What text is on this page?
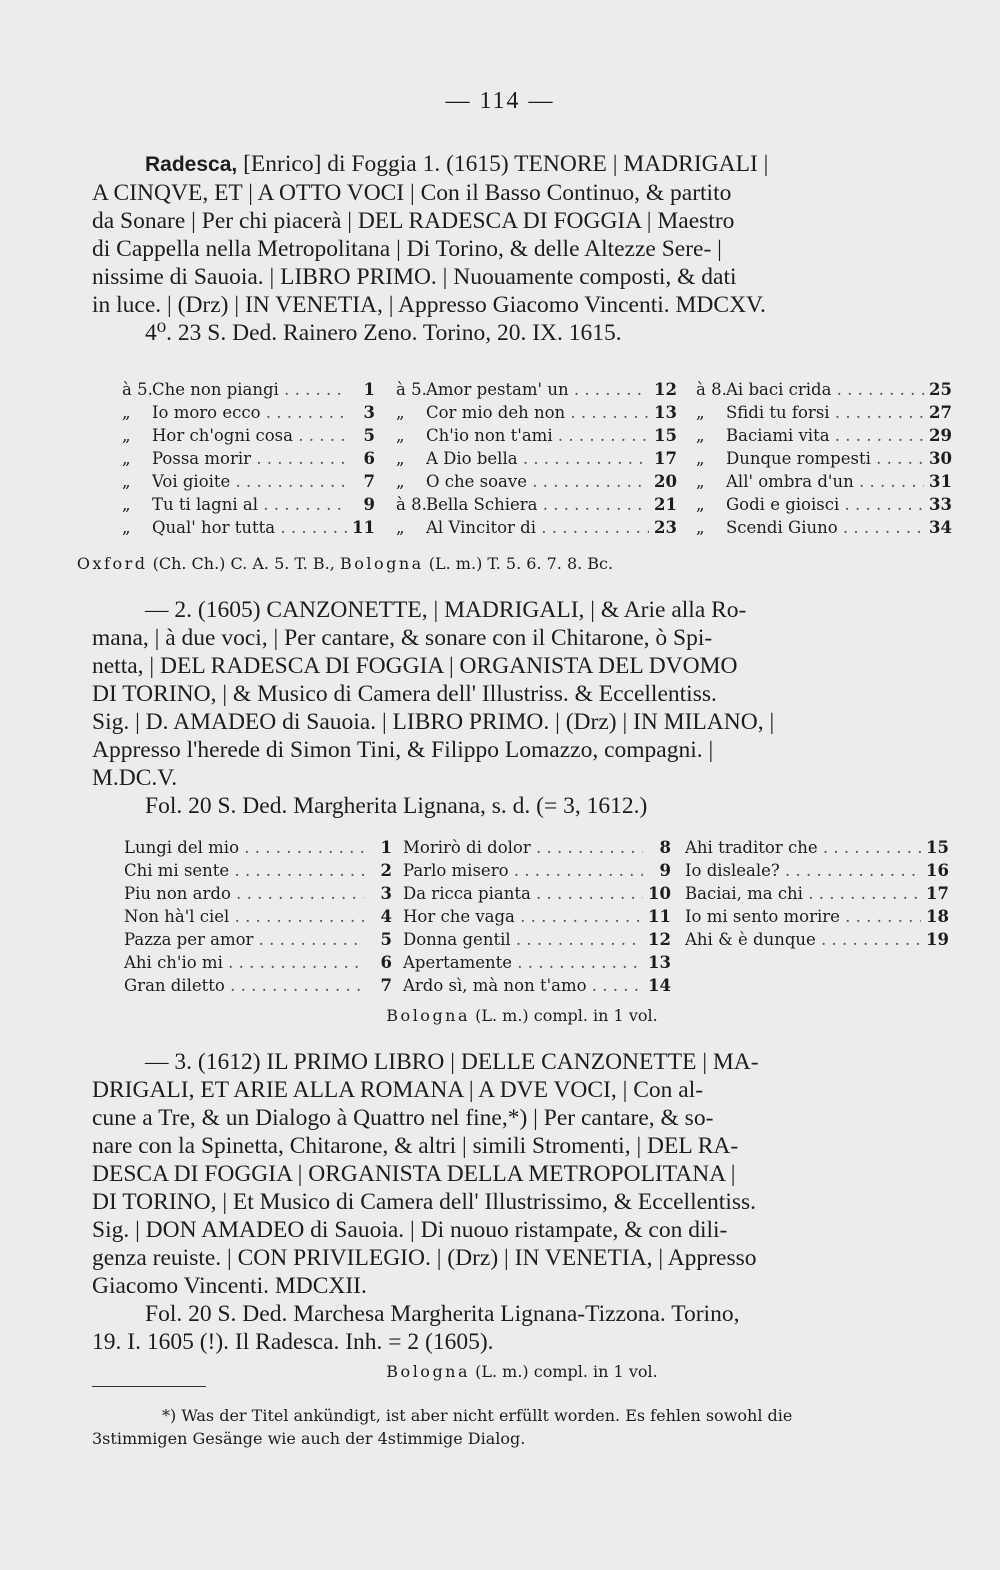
— 114 —
Radesca, [Enrico] di Foggia 1. (1615) TENORE | MADRIGALI |
A CINQVE, ET | A OTTO VOCI | Con il Basso Continuo, & partito
da Sonare | Per chi piacerà | DEL RADESCA DI FOGGIA | Maestro
di Cappella nella Metropolitana | Di Torino, & delle Altezze Sere- |
nissime di Sauoia. | LIBRO PRIMO. | Nuouamente composti, & dati
in luce. | (Drz) | IN VENETIA, | Appresso Giacomo Vincenti. MDCXV.
4⁰. 23 S. Ded. Rainero Zeno. Torino, 20. IX. 1615.
à 5. Che non piangi . . .	1
„	Io moro ecco . . .	3
„	Hor ch'ogni cosa . . .	5
„	Possa morir . . .	6
„	Voi gioite . . .	7
„	Tu ti lagni al . . .	9
„	Qual' hor tutta . . .	11
à 5. Amor pestam' un . . .	12
„	Cor mio deh non . . .	13
„	Ch'io non t'ami . . .	15
„	A Dio bella . . .	17
„	O che soave . . .	20
à 8. Bella Schiera . . .	21
„	Al Vincitor di . . .	23
à 8. Ai baci crida . . .	25
„	Sfidi tu forsi . . .	27
„	Baciami vita . . .	29
„	Dunque rompesti . . .	30
„	All' ombra d'un . . .	31
„	Godi e gioisci . . .	33
„	Scendi Giuno . . .	34
Oxford (Ch. Ch.) C. A. 5. T. B., Bologna (L. m.) T. 5. 6. 7. 8. Bc.
— 2. (1605) CANZONETTE, | MADRIGALI, | & Arie alla Ro-
mana, | à due voci, | Per cantare, & sonare con il Chitarone, ò Spi-
netta, | DEL RADESCA DI FOGGIA | ORGANISTA DEL DVOMO
DI TORINO, | & Musico di Camera dell' Illustriss. & Eccellentiss.
Sig. | D. AMADEO di Sauoia. | LIBRO PRIMO. | (Drz) | IN MILANO, |
Appresso l'herede di Simon Tini, & Filippo Lomazzo, compagni. |
M.DC.V.
Fol. 20 S. Ded. Margherita Lignana, s. d. (= 3, 1612.)
Lungi del mio . . .	1
Chi mi sente . . .	2
Piu non ardo . . .	3
Non hà'l ciel . . .	4
Pazza per amor . . .	5
Ahi ch'io mi . . .	6
Gran diletto . . .	7
Morirò di dolor . . .	8
Parlo misero . . .	9
Da ricca pianta . . .	10
Hor che vaga . . .	11
Donna gentil . . .	12
Apertamente . . .	13
Ardo sì, mà non t'amo . . .	14
Ahi traditor che . . .	15
Io disleale? . . .	16
Baciai, ma chi . . .	17
Io mi sento morire . . .	18
Ahi & è dunque . . .	19
Bologna (L. m.) compl. in 1 vol.
— 3. (1612) IL PRIMO LIBRO | DELLE CANZONETTE | MA-
DRIGALI, ET ARIE ALLA ROMANA | A DVE VOCI, | Con al-
cune a Tre, & un Dialogo à Quattro nel fine,*) | Per cantare, & so-
nare con la Spinetta, Chitarone, & altri | simili Stromenti, | DEL RA-
DESCA DI FOGGIA | ORGANISTA DELLA METROPOLITANA |
DI TORINO, | Et Musico di Camera dell' Illustrissimo, & Eccellentiss.
Sig. | DON AMADEO di Sauoia. | Di nuouo ristampate, & con dili-
genza reuiste. | CON PRIVILEGIO. | (Drz) | IN VENETIA, | Appresso
Giacomo Vincenti. MDCXII.
Fol. 20 S. Ded. Marchesa Margherita Lignana-Tizzona. Torino,
19. I. 1605 (!). Il Radesca. Inh. = 2 (1605).
Bologna (L. m.) compl. in 1 vol.
*) Was der Titel ankündigt, ist aber nicht erfüllt worden. Es fehlen sowohl die
3stimmigen Gesänge wie auch der 4stimmige Dialog.
